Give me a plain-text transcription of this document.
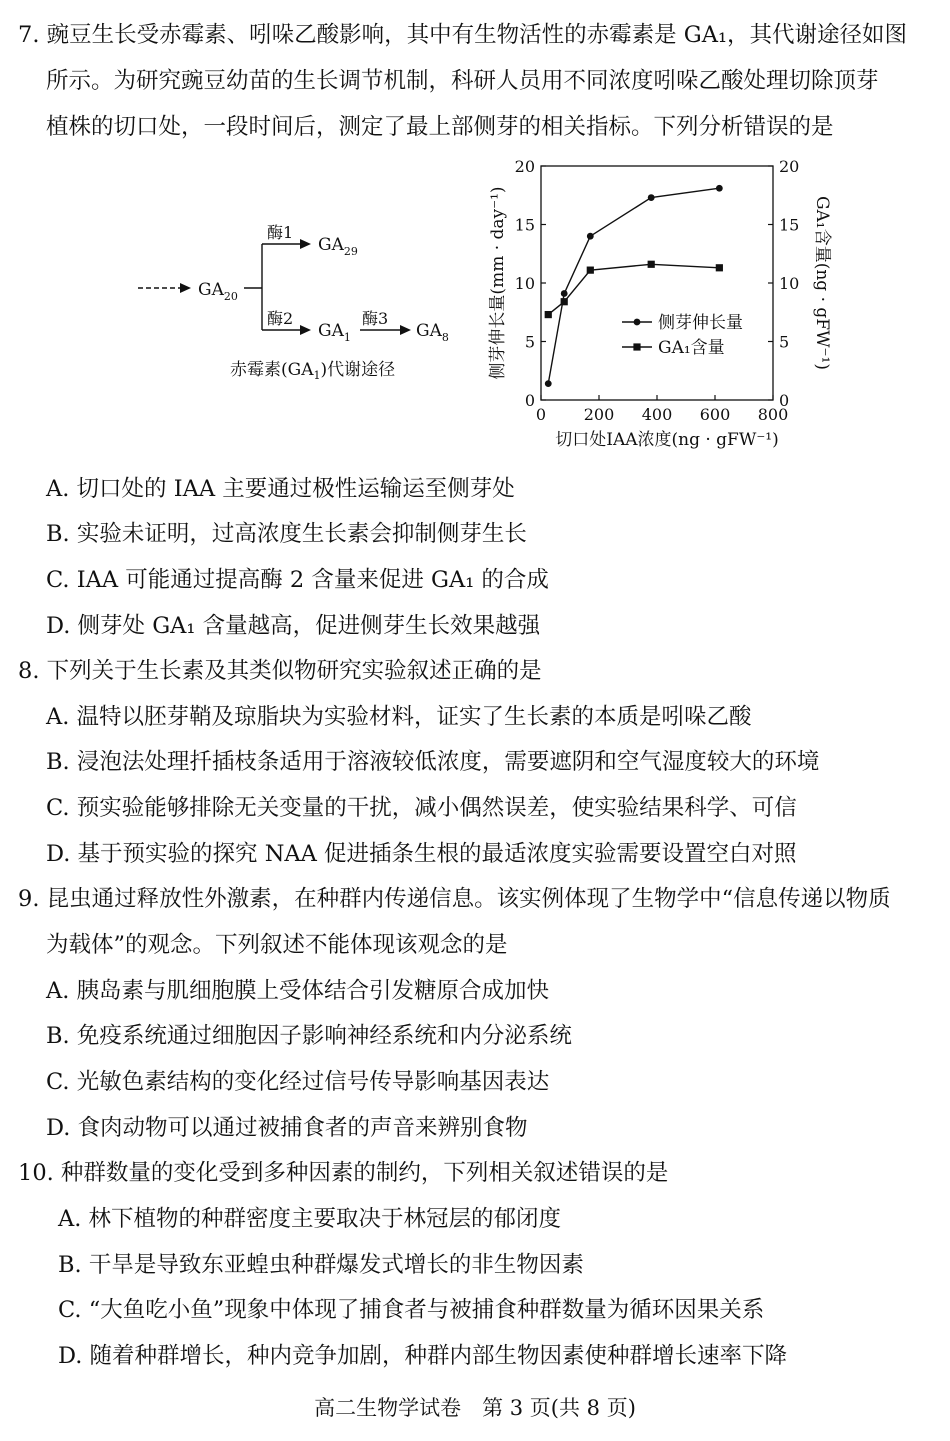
7. 豌豆生长受赤霉素、吲哚乙酸影响，其中有生物活性的赤霉素是 GA₁，其代谢途径如图
所示。为研究豌豆幼苗的生长调节机制，科研人员用不同浓度吲哚乙酸处理切除顶芽
植株的切口处，一段时间后，测定了最上部侧芽的相关指标。下列分析错误的是
$GA_{20}$
酶1
酶2
$GA_{29}$
$GA_1$
酶3
$GA_8$
赤霉素$(GA_1)$代谢途径
0 200 400 600 800
0
5
10
15
20
0
5
10
15
20
侧芽伸长量(mm · day⁻¹)	GA₁含量(ng · gFW⁻¹)
切口处IAA浓度(ng · gFW⁻¹)
侧芽伸长量
GA₁含量
A. 切口处的 IAA 主要通过极性运输运至侧芽处
B. 实验未证明，过高浓度生长素会抑制侧芽生长
C. IAA 可能通过提高酶 2 含量来促进 GA₁ 的合成
D. 侧芽处 GA₁ 含量越高，促进侧芽生长效果越强
8. 下列关于生长素及其类似物研究实验叙述正确的是
A. 温特以胚芽鞘及琼脂块为实验材料，证实了生长素的本质是吲哚乙酸
B. 浸泡法处理扦插枝条适用于溶液较低浓度，需要遮阴和空气湿度较大的环境
C. 预实验能够排除无关变量的干扰，减小偶然误差，使实验结果科学、可信
D. 基于预实验的探究 NAA 促进插条生根的最适浓度实验需要设置空白对照
9. 昆虫通过释放性外激素，在种群内传递信息。该实例体现了生物学中“信息传递以物质
为载体”的观念。下列叙述不能体现该观念的是
A. 胰岛素与肌细胞膜上受体结合引发糖原合成加快
B. 免疫系统通过细胞因子影响神经系统和内分泌系统
C. 光敏色素结构的变化经过信号传导影响基因表达
D. 食肉动物可以通过被捕食者的声音来辨别食物
10. 种群数量的变化受到多种因素的制约，下列相关叙述错误的是
A. 林下植物的种群密度主要取决于林冠层的郁闭度
B. 干旱是导致东亚蝗虫种群爆发式增长的非生物因素
C. “大鱼吃小鱼”现象中体现了捕食者与被捕食种群数量为循环因果关系
D. 随着种群增长，种内竞争加剧，种群内部生物因素使种群增长速率下降
高二生物学试卷　第 3 页(共 8 页)
